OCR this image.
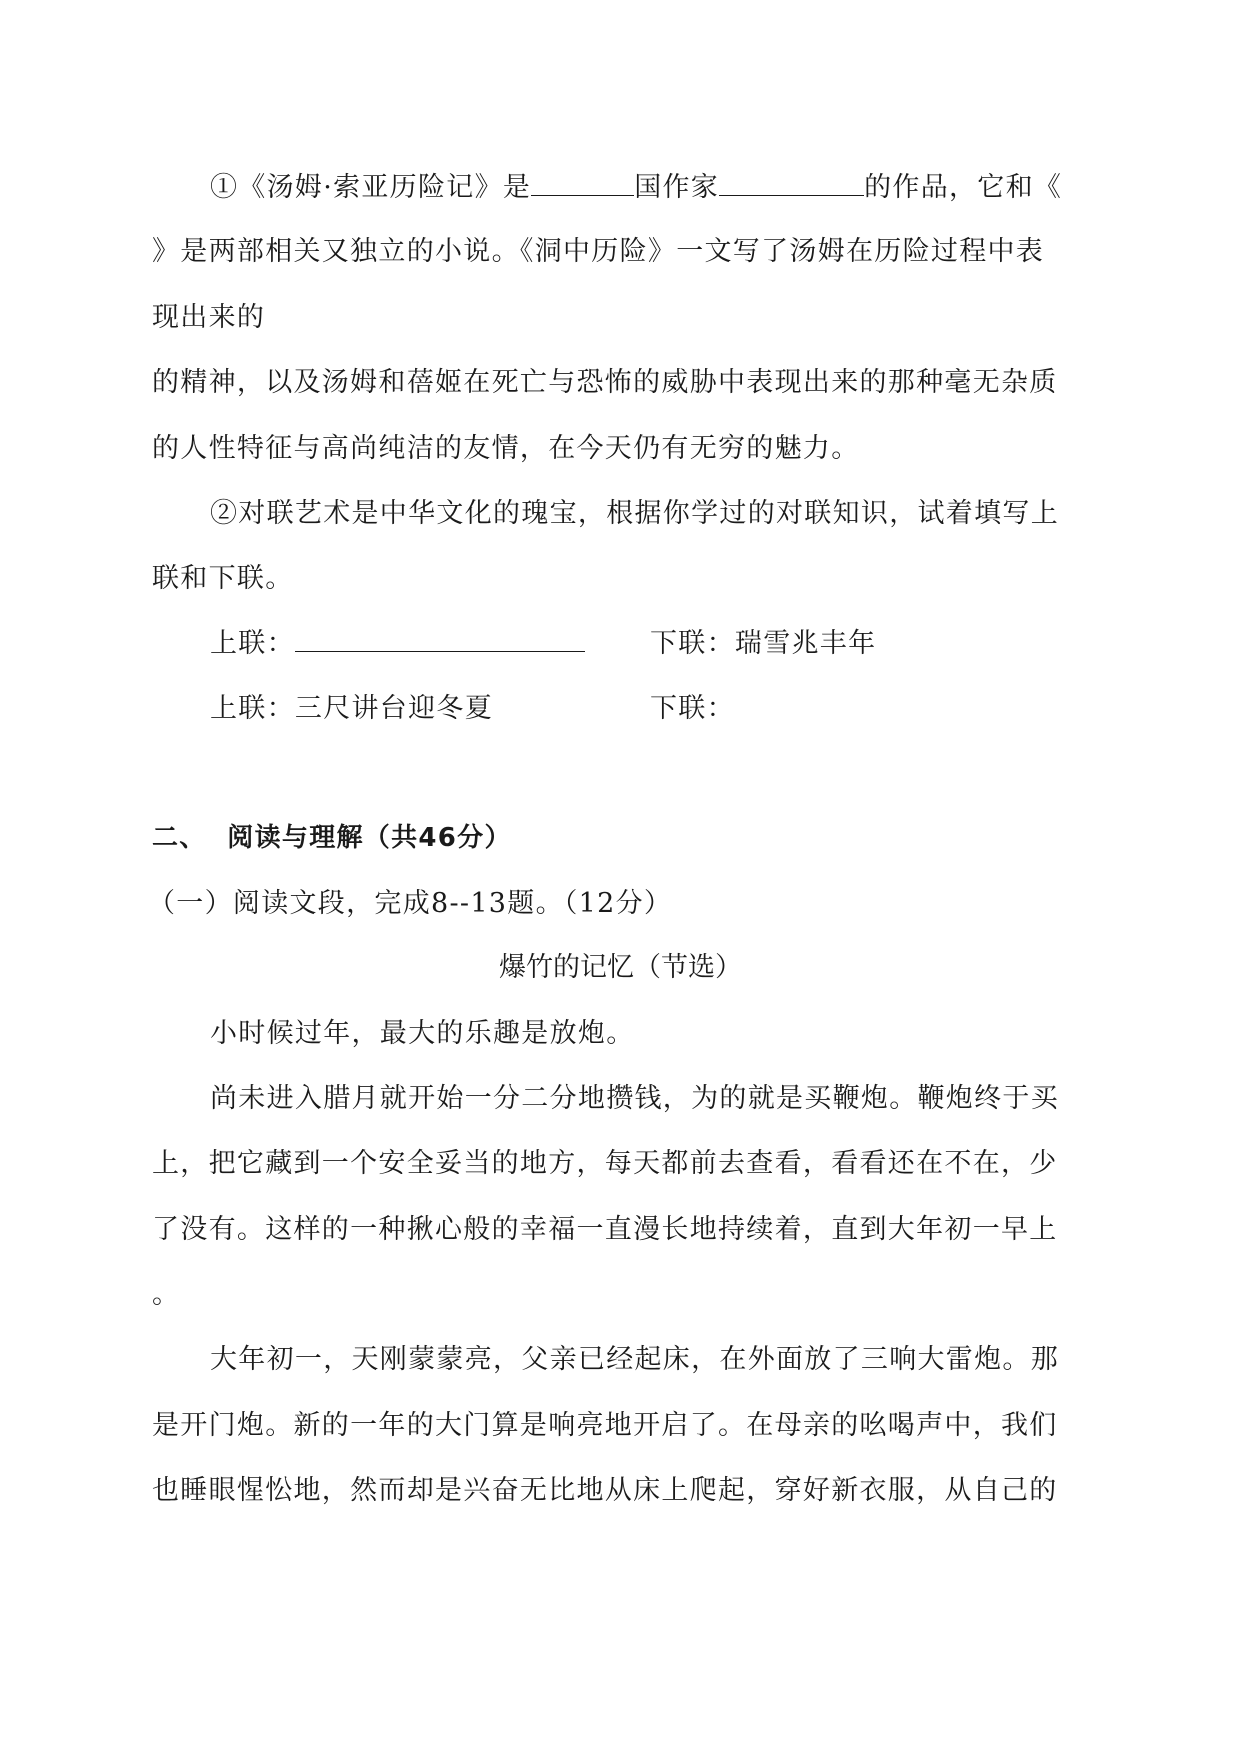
①《汤姆·索亚历险记》是	国作家	的作品，它和《
》是两部相关又独立的小说。《洞中历险》一文写了汤姆在历险过程中表
现出来的
的精神，以及汤姆和蓓姬在死亡与恐怖的威胁中表现出来的那种毫无杂质
的人性特征与高尚纯洁的友情，在今天仍有无穷的魅力。
②对联艺术是中华文化的瑰宝，根据你学过的对联知识，试着填写上
联和下联。
上联：	下联：瑞雪兆丰年
上联：三尺讲台迎冬夏	下联：
二、  阅读与理解（共46分）
（一）阅读文段，完成8--13题。（12分）
爆竹的记忆（节选）
小时候过年，最大的乐趣是放炮。
尚未进入腊月就开始一分二分地攒钱，为的就是买鞭炮。鞭炮终于买
上，把它藏到一个安全妥当的地方，每天都前去查看，看看还在不在，少
了没有。这样的一种揪心般的幸福一直漫长地持续着，直到大年初一早上
。
大年初一，天刚蒙蒙亮，父亲已经起床，在外面放了三响大雷炮。那
是开门炮。新的一年的大门算是响亮地开启了。在母亲的吆喝声中，我们
也睡眼惺忪地，然而却是兴奋无比地从床上爬起，穿好新衣服，从自己的
